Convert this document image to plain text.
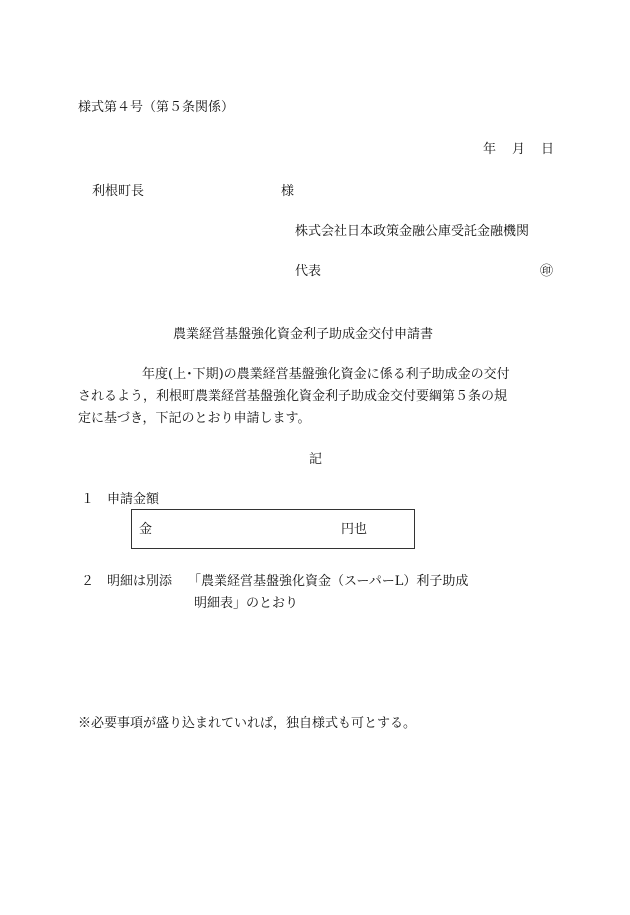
様式第４号（第５条関係）
年 月 日
利根町長	様
株式会社日本政策金融公庫受託金融機関
代表	㊞
農業経営基盤強化資金利子助成金交付申請書
年度(上･下期)の農業経営基盤強化資金に係る利子助成金の交付
されるよう，利根町農業経営基盤強化資金利子助成金交付要綱第５条の規
定に基づき，下記のとおり申請します。
記
１ 申請金額
金	円也
２ 明細は別添 「農業経営基盤強化資金（スーパーL）利子助成
明細表」のとおり
※必要事項が盛り込まれていれば，独自様式も可とする。
